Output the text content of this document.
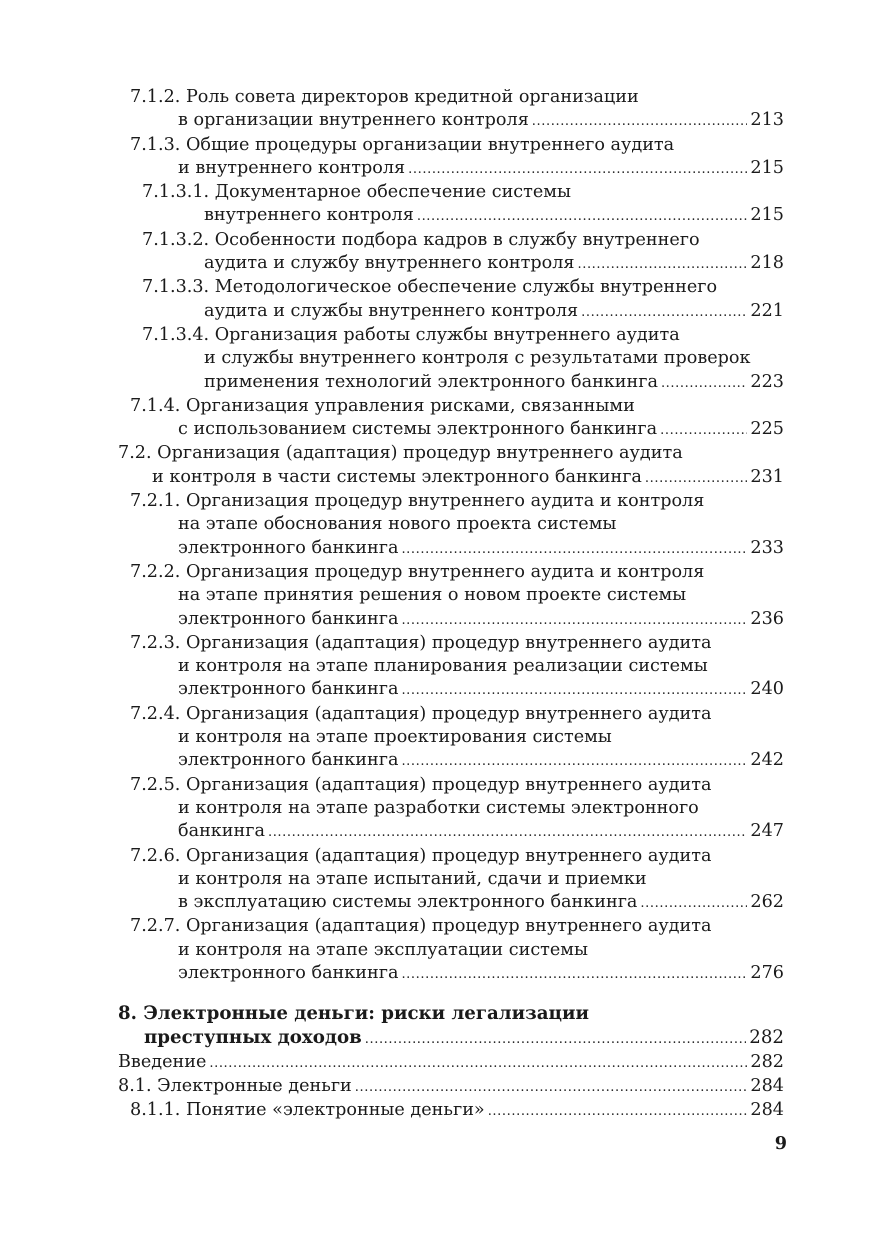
7.1.2. Роль совета директоров кредитной организации
в организации внутреннего контроля .....	213
7.1.3. Общие процедуры организации внутреннего аудита
и внутреннего контроля .....	215
7.1.3.1. Документарное обеспечение системы
внутреннего контроля .....	215
7.1.3.2. Особенности подбора кадров в службу внутреннего
аудита и службу внутреннего контроля .....	218
7.1.3.3. Методологическое обеспечение службы внутреннего
аудита и службы внутреннего контроля .....	221
7.1.3.4. Организация работы службы внутреннего аудита
и службы внутреннего контроля с результатами проверок
применения технологий электронного банкинга .....	223
7.1.4. Организация управления рисками, связанными
с использованием системы электронного банкинга .....	225
7.2. Организация (адаптация) процедур внутреннего аудита
и контроля в части системы электронного банкинга .....	231
7.2.1. Организация процедур внутреннего аудита и контроля
на этапе обоснования нового проекта системы
электронного банкинга .....	233
7.2.2. Организация процедур внутреннего аудита и контроля
на этапе принятия решения о новом проекте системы
электронного банкинга .....	236
7.2.3. Организация (адаптация) процедур внутреннего аудита
и контроля на этапе планирования реализации системы
электронного банкинга .....	240
7.2.4. Организация (адаптация) процедур внутреннего аудита
и контроля на этапе проектирования системы
электронного банкинга .....	242
7.2.5. Организация (адаптация) процедур внутреннего аудита
и контроля на этапе разработки системы электронного
банкинга .....	247
7.2.6. Организация (адаптация) процедур внутреннего аудита
и контроля на этапе испытаний, сдачи и приемки
в эксплуатацию системы электронного банкинга .....	262
7.2.7. Организация (адаптация) процедур внутреннего аудита
и контроля на этапе эксплуатации системы
электронного банкинга .....	276
8. Электронные деньги: риски легализации
преступных доходов .....	282
Введение .....	282
8.1. Электронные деньги .....	284
8.1.1. Понятие «электронные деньги» .....	284
9
